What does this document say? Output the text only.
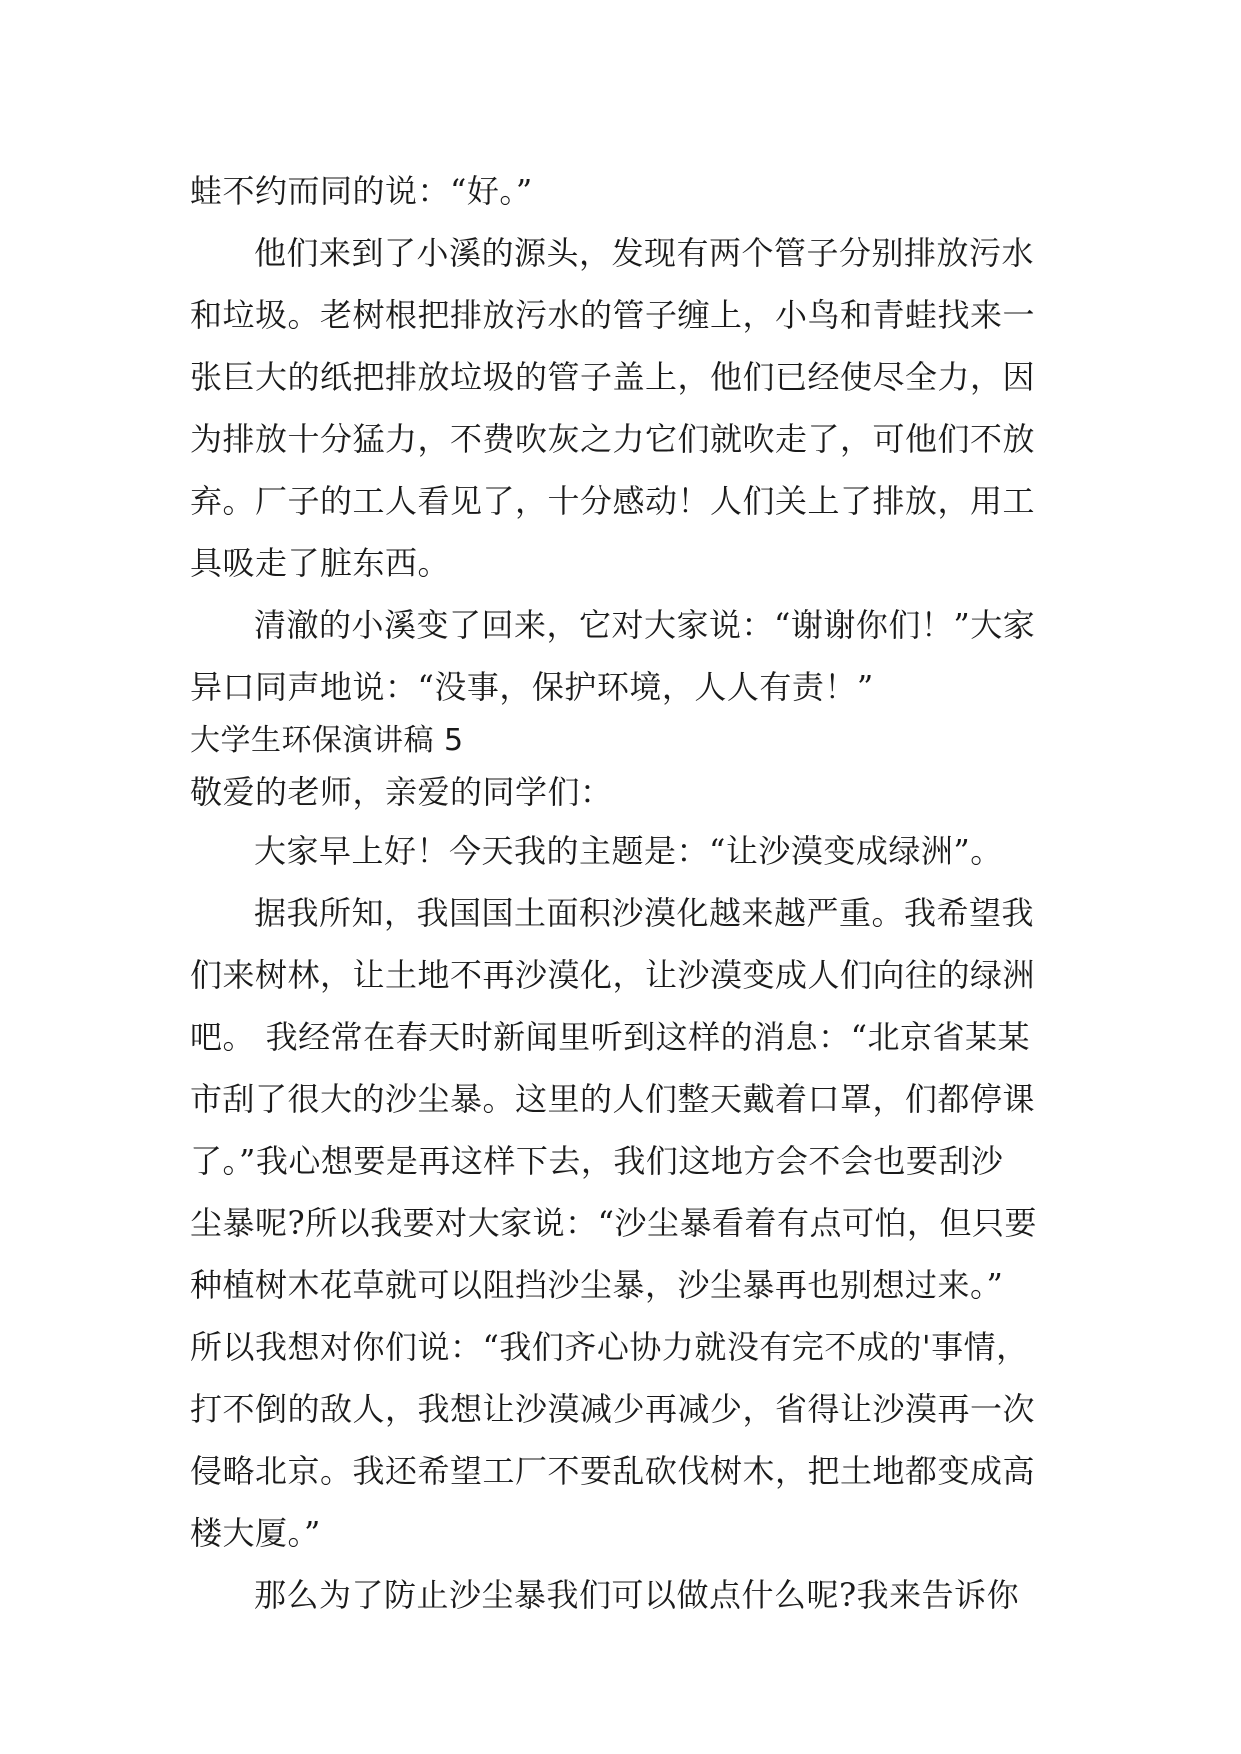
蛙不约而同的说：“好。”
他们来到了小溪的源头，发现有两个管子分别排放污水
和垃圾。老树根把排放污水的管子缠上，小鸟和青蛙找来一
张巨大的纸把排放垃圾的管子盖上，他们已经使尽全力，因
为排放十分猛力，不费吹灰之力它们就吹走了，可他们不放
弃。厂子的工人看见了，十分感动！人们关上了排放，用工
具吸走了脏东西。
清澈的小溪变了回来，它对大家说：“谢谢你们！”大家
异口同声地说：“没事，保护环境，人人有责！”
大学生环保演讲稿 5
敬爱的老师，亲爱的同学们：
大家早上好！今天我的主题是：“让沙漠变成绿洲”。
据我所知，我国国土面积沙漠化越来越严重。我希望我
们来树林，让土地不再沙漠化，让沙漠变成人们向往的绿洲
吧。 我经常在春天时新闻里听到这样的消息：“北京省某某
市刮了很大的沙尘暴。这里的人们整天戴着口罩，们都停课
了。”我心想要是再这样下去，我们这地方会不会也要刮沙
尘暴呢?所以我要对大家说：“沙尘暴看着有点可怕，但只要
种植树木花草就可以阻挡沙尘暴，沙尘暴再也别想过来。”
所以我想对你们说：“我们齐心协力就没有完不成的'事情，
打不倒的敌人，我想让沙漠减少再减少，省得让沙漠再一次
侵略北京。我还希望工厂不要乱砍伐树木，把土地都变成高
楼大厦。”
那么为了防止沙尘暴我们可以做点什么呢?我来告诉你
